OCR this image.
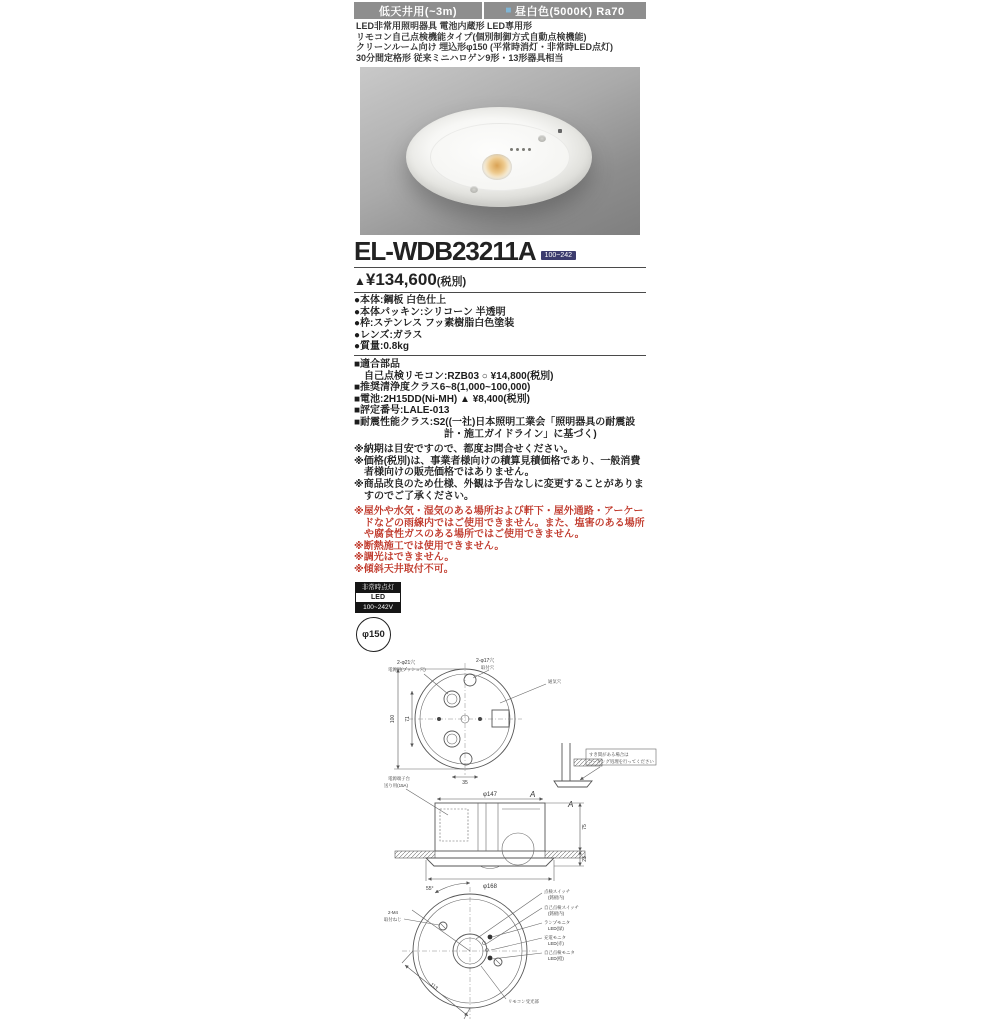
低天井用(~3m)	■ 昼白色(5000K) Ra70
LED非常用照明器具 電池内蔵形 LED専用形
リモコン自己点検機能タイプ(個別制御方式自動点検機能)
クリーンルーム向け 埋込形φ150 (平常時消灯・非常時LED点灯)
30分間定格形 従来ミニハロゲン9形・13形器具相当
EL-WDB23211A	100~242
▲¥134,600(税別)
●本体:鋼板 白色仕上
●本体パッキン:シリコーン 半透明
●枠:ステンレス フッ素樹脂白色塗装
●レンズ:ガラス
●質量:0.8kg
■適合部品
自己点検リモコン:RZB03 ○ ¥14,800(税別)
■推奨清浄度クラス6~8(1,000~100,000)
■電池:2H15DD(Ni-MH) ▲ ¥8,400(税別)
■評定番号:LALE-013
■耐震性能クラス:S2((一社)日本照明工業会「照明器具の耐震設計・施工ガイドライン」に基づく)
※納期は目安ですので、都度お問合せください。
※価格(税別)は、事業者様向けの積算見積価格であり、一般消費者様向けの販売価格ではありません。
※商品改良のため仕様、外観は予告なしに変更することがありますのでご了承ください。
※屋外や水気・湿気のある場所および軒下・屋外通路・アーケードなどの雨線内ではご使用できません。また、塩害のある場所や腐食性ガスのある場所ではご使用できません。
※断熱施工では使用できません。
※調光はできません。
※傾斜天井取付不可。
非常時点灯
LED
100~242V
φ150
2-φ21穴
電源用(プッシュ穴)
2-φ17穴
取付穴
通気穴
100 71
35
すき間がある場合は
コーキング処理を行ってください
A
φ147
A
φ168
75
23
電源端子台
送り用(15A)
55°
2-M4
取付ねじ
点検スイッチ
(銘板内)
自己点検スイッチ
(銘板内)
ランプモニタ
LED(緑)
充電モニタ
LED(赤)
自己点検モニタ
LED(橙)
リモコン受光部
113
